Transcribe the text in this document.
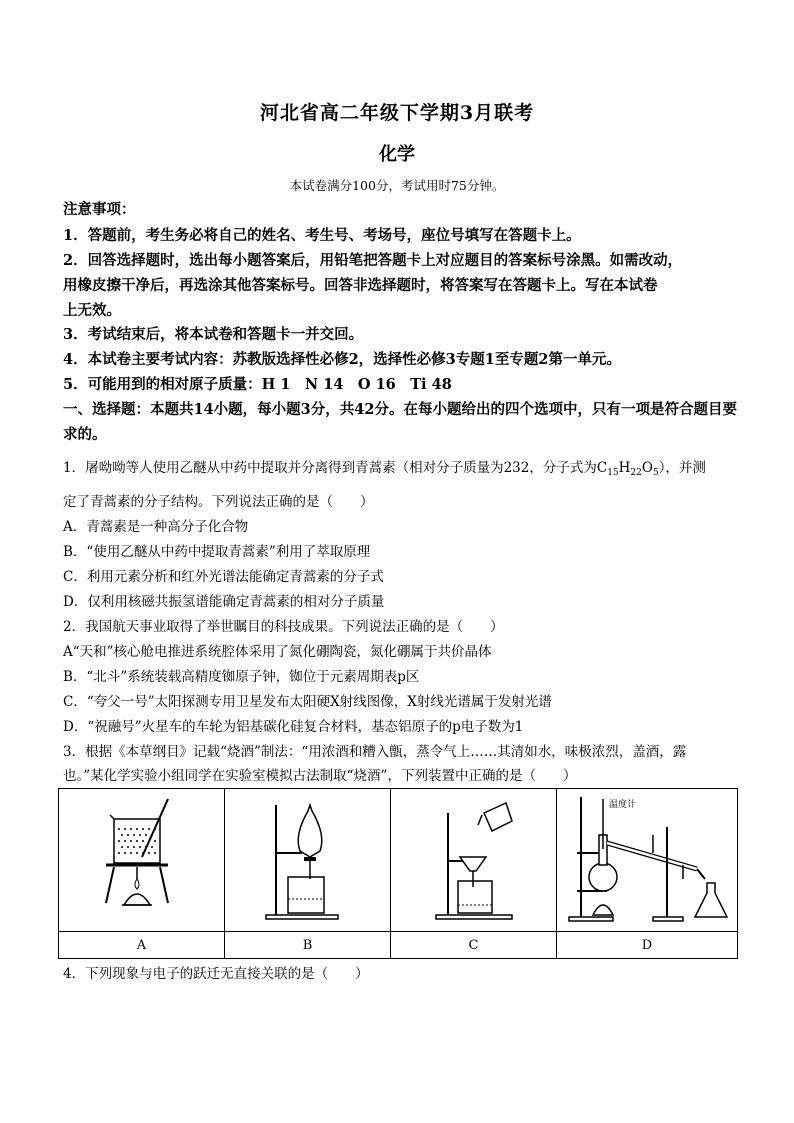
河北省高二年级下学期3月联考
化学
本试卷满分100分，考试用时75分钟。
注意事项：
1．答题前，考生务必将自己的姓名、考生号、考场号，座位号填写在答题卡上。
2．回答选择题时，选出每小题答案后，用铅笔把答题卡上对应题目的答案标号涂黑。如需改动，
用橡皮擦干净后，再选涂其他答案标号。回答非选择题时，将答案写在答题卡上。写在本试卷
上无效。
3．考试结束后，将本试卷和答题卡一并交回。
4．本试卷主要考试内容：苏教版选择性必修2，选择性必修3专题1至专题2第一单元。
5．可能用到的相对原子质量：H 1　N 14　O 16　Ti 48
一、选择题：本题共14小题，每小题3分，共42分。在每小题给出的四个选项中，只有一项是符合题目要
求的。
1．屠呦呦等人使用乙醚从中药中提取并分离得到青蒿素（相对分子质量为232，分子式为$C_{15}H_{22}O_5$），并测
定了青蒿素的分子结构。下列说法正确的是（　　）
A．青蒿素是一种高分子化合物
B．“使用乙醚从中药中提取青蒿素”利用了萃取原理
C．利用元素分析和红外光谱法能确定青蒿素的分子式
D．仅利用核磁共振氢谱能确定青蒿素的相对分子质量
2．我国航天事业取得了举世瞩目的科技成果。下列说法正确的是（　　）
A“天和”核心舱电推进系统腔体采用了氮化硼陶瓷，氮化硼属于共价晶体
B．“北斗”系统装载高精度铷原子钟，铷位于元素周期表p区
C．“夸父一号”太阳探测专用卫星发布太阳硬X射线图像，X射线光谱属于发射光谱
D．“祝融号”火星车的车轮为铝基碳化硅复合材料，基态铝原子的p电子数为1
3．根据《本草纲目》记载“烧酒”制法：“用浓酒和糟入甑，蒸令气上……其清如水，味极浓烈，盖酒，露
也。”某化学实验小组同学在实验室模拟古法制取“烧酒”，下列装置中正确的是（　　）

温度计

A	B	C	D
4．下列现象与电子的跃迁无直接关联的是（　　）
